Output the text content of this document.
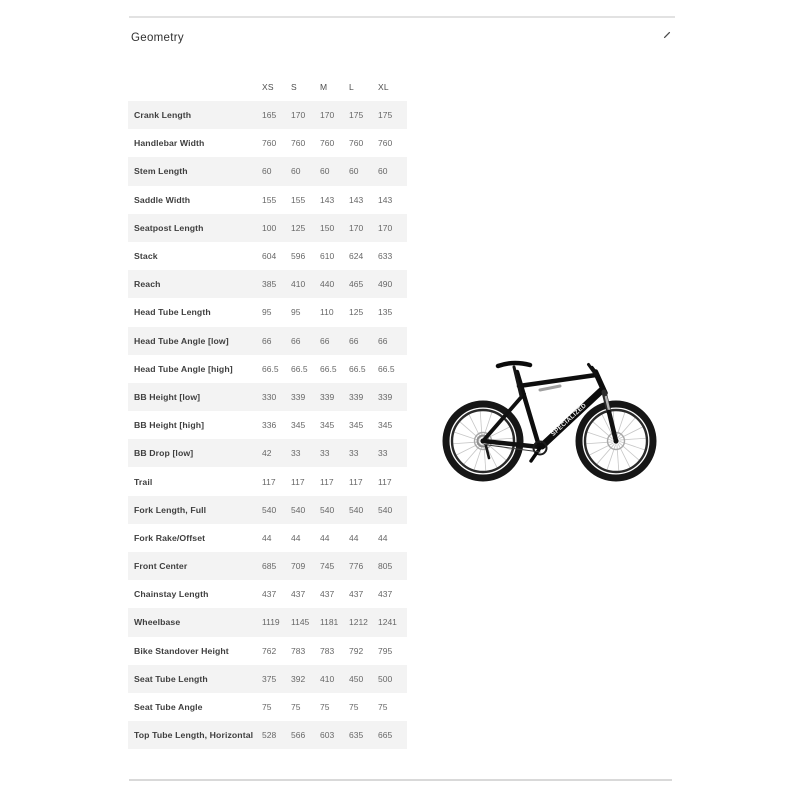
Geometry
XS	S	M	L	XL
Crank Length	165	170	170	175	175
Handlebar Width	760	760	760	760	760
Stem Length	60	60	60	60	60
Saddle Width	155	155	143	143	143
Seatpost Length	100	125	150	170	170
Stack	604	596	610	624	633
Reach	385	410	440	465	490
Head Tube Length	95	95	110	125	135
Head Tube Angle [low]	66	66	66	66	66
Head Tube Angle [high]	66.5	66.5	66.5	66.5	66.5
BB Height [low]	330	339	339	339	339
BB Height [high]	336	345	345	345	345
BB Drop [low]	42	33	33	33	33
Trail	117	117	117	117	117
Fork Length, Full	540	540	540	540	540
Fork Rake/Offset	44	44	44	44	44
Front Center	685	709	745	776	805
Chainstay Length	437	437	437	437	437
Wheelbase	1119	1145	1181	1212	1241
Bike Standover Height	762	783	783	792	795
Seat Tube Length	375	392	410	450	500
Seat Tube Angle	75	75	75	75	75
Top Tube Length, Horizontal	528	566	603	635	665
SPECIALIZED
